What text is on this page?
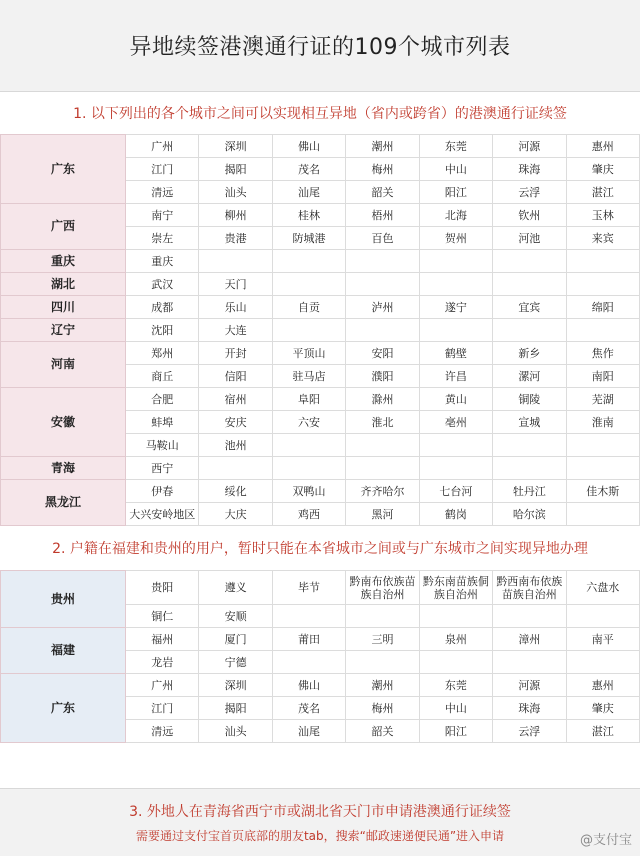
异地续签港澳通行证的109个城市列表
1. 以下列出的各个城市之间可以实现相互异地（省内或跨省）的港澳通行证续签
广东	广州	深圳	佛山	潮州	东莞	河源	惠州
	江门	揭阳	茂名	梅州	中山	珠海	肇庆
	清远	汕头	汕尾	韶关	阳江	云浮	湛江
广西	南宁	柳州	桂林	梧州	北海	钦州	玉林
	崇左	贵港	防城港	百色	贺州	河池	来宾
重庆	重庆						
湖北	武汉	天门					
四川	成都	乐山	自贡	泸州	遂宁	宜宾	绵阳
辽宁	沈阳	大连					
河南	郑州	开封	平顶山	安阳	鹤壁	新乡	焦作
	商丘	信阳	驻马店	濮阳	许昌	漯河	南阳
安徽	合肥	宿州	阜阳	滁州	黄山	铜陵	芜湖
	蚌埠	安庆	六安	淮北	亳州	宣城	淮南
	马鞍山	池州					
青海	西宁						
黑龙江	伊春	绥化	双鸭山	齐齐哈尔	七台河	牡丹江	佳木斯
	大兴安岭地区	大庆	鸡西	黑河	鹤岗	哈尔滨	
2. 户籍在福建和贵州的用户，暂时只能在本省城市之间或与广东城市之间实现异地办理
贵州	贵阳	遵义	毕节	黔南布依族苗族自治州	黔东南苗族侗族自治州	黔西南布依族苗族自治州	六盘水
	铜仁	安顺					
福建	福州	厦门	莆田	三明	泉州	漳州	南平
	龙岩	宁德					
广东	广州	深圳	佛山	潮州	东莞	河源	惠州
	江门	揭阳	茂名	梅州	中山	珠海	肇庆
	清远	汕头	汕尾	韶关	阳江	云浮	湛江
3. 外地人在青海省西宁市或湖北省天门市申请港澳通行证续签
需要通过支付宝首页底部的朋友tab，搜索“邮政速递便民通”进入申请	@支付宝
